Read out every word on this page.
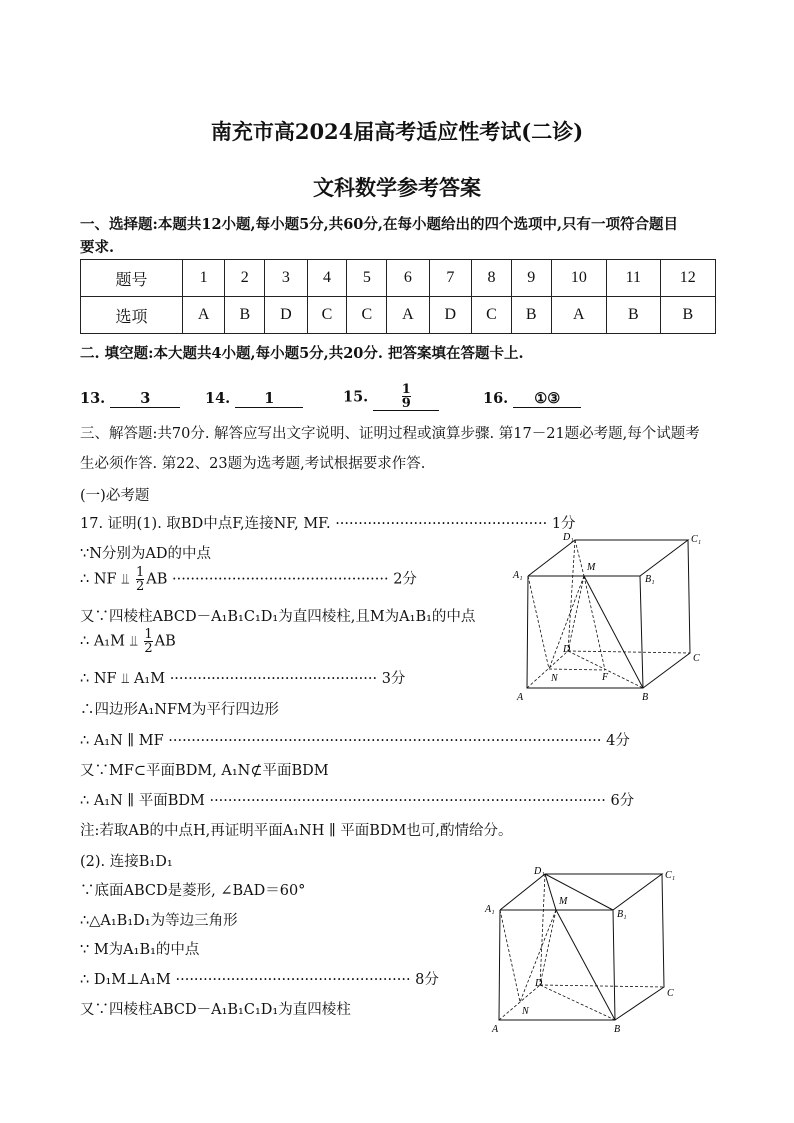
南充市高2024届高考适应性考试(二诊)
文科数学参考答案
一、选择题:本题共12小题,每小题5分,共60分,在每小题给出的四个选项中,只有一项符合题目
要求.
题号	1	2	3	4	5	6	7	8	9	10	11	12
选项	A	B	D	C	C	A	D	C	B	A	B	B
二. 填空题:本大题共4小题,每小题5分,共20分. 把答案填在答题卡上.
13. 3	14. 1	15.	$\frac{1}{9}$	16. ①③
三、解答题:共70分. 解答应写出文字说明、证明过程或演算步骤. 第17－21题必考题,每个试题考
生必须作答. 第22、23题为选考题,考试根据要求作答.
(一)必考题
17. 证明(1). 取BD中点F,连接NF, MF. ·············································· 1分
∵N分别为AD的中点
∴ NF ⫫ $\frac{1}{2}$ AB ··············································· 2分
又∵四棱柱ABCD－A₁B₁C₁D₁为直四棱柱,且M为A₁B₁的中点
∴ A₁M ⫫ $\frac{1}{2}$ AB
∴ NF ⫫ A₁M ············································· 3分
∴四边形A₁NFM为平行四边形
∴ A₁N ∥ MF ······························································································ 4分
又∵MF⊂平面BDM, A₁N⊄平面BDM
∴ A₁N ∥ 平面BDM ······················································································ 6分
注:若取AB的中点H,再证明平面A₁NH ∥ 平面BDM也可,酌情给分。
(2). 连接B₁D₁
∵底面ABCD是菱形, ∠BAD＝60°
∴△A₁B₁D₁为等边三角形
∵ M为A₁B₁的中点
∴ D₁M⊥A₁M ··················································· 8分
又∵四棱柱ABCD－A₁B₁C₁D₁为直四棱柱
A	B
C
D
A₁	B₁
C₁
D₁
M
N	F
A	B
C
D
A₁	B₁
C₁
D₁
M
N
